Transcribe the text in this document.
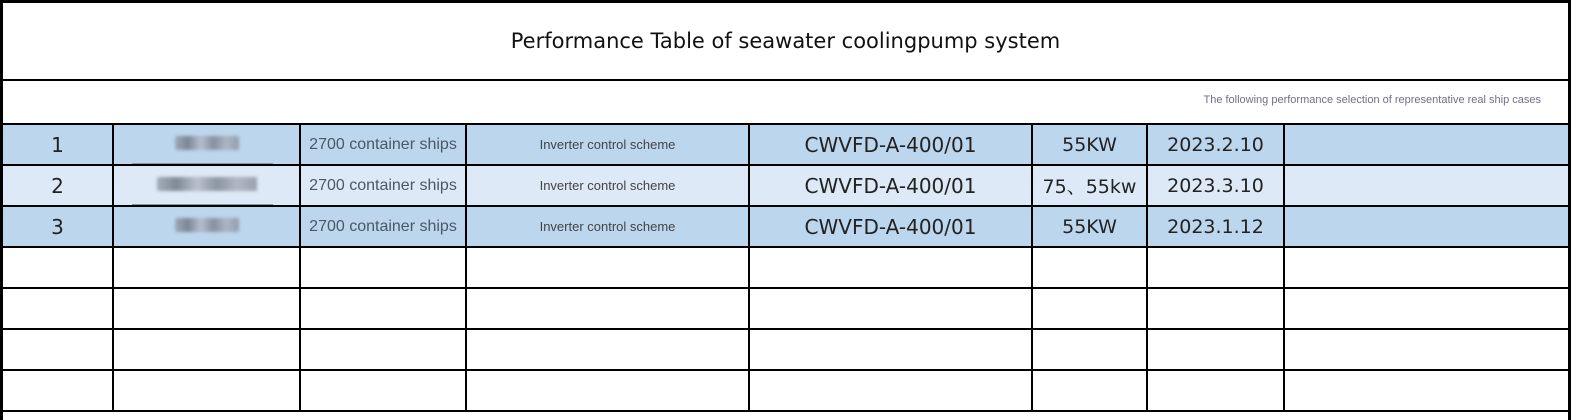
Performance Table of seawater coolingpump system
The following performance selection of representative real ship cases
1		2700 container ships	Inverter control scheme	CWVFD-A-400/01	55KW	2023.2.10	
2		2700 container ships	Inverter control scheme	CWVFD-A-400/01	75、55kw	2023.3.10	
3		2700 container ships	Inverter control scheme	CWVFD-A-400/01	55KW	2023.1.12	
